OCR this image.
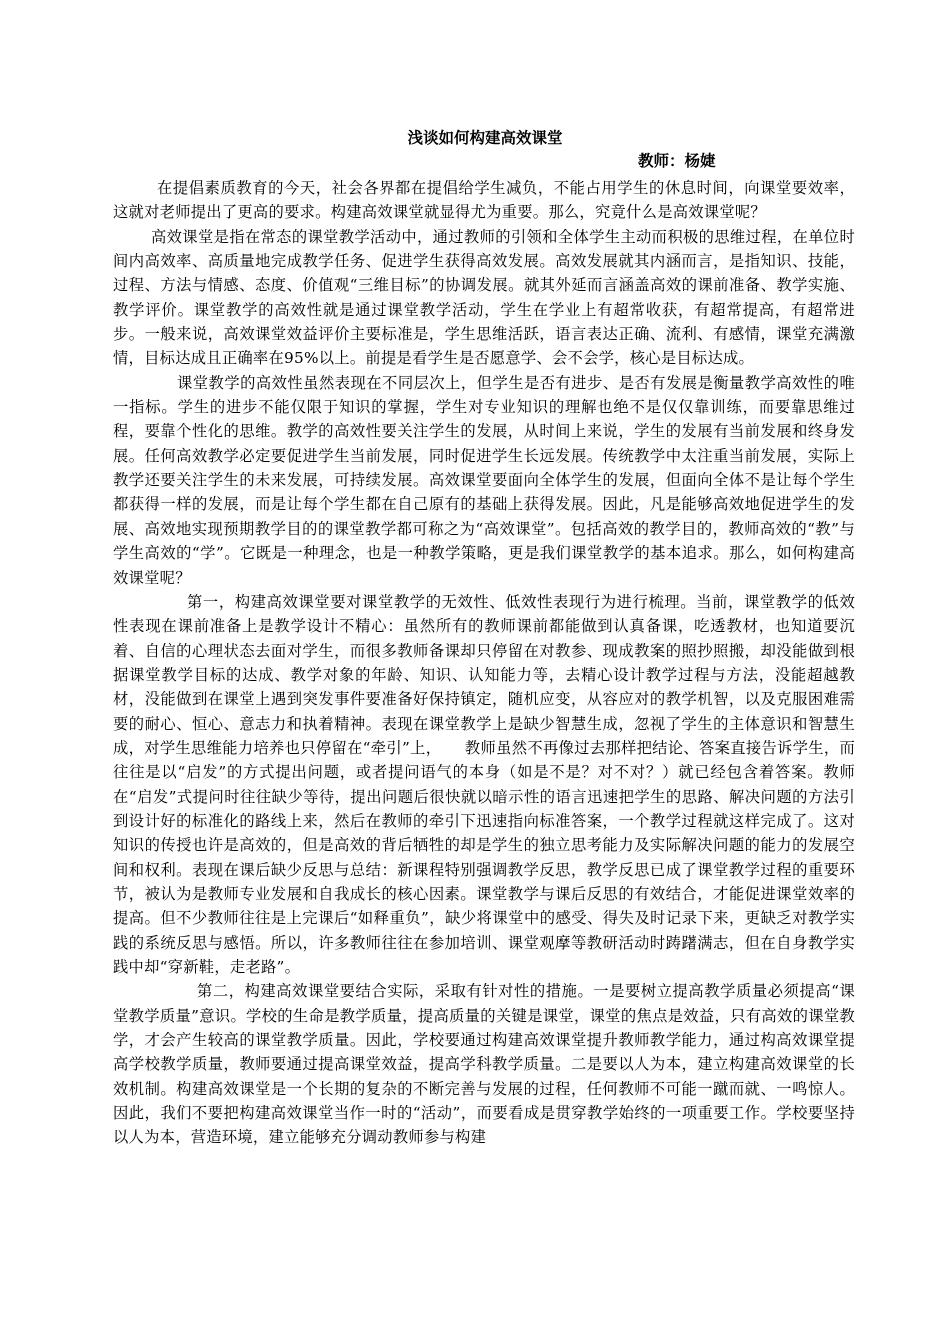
浅谈如何构建高效课堂
教师：杨婕

在提倡素质教育的今天，社会各界都在提倡给学生减负，不能占用学生的休息时间，向课堂要效率，这就对老师提出了更高的要求。构建高效课堂就显得尤为重要。那么，究竟什么是高效课堂呢？

高效课堂是指在常态的课堂教学活动中，通过教师的引领和全体学生主动而积极的思维过程，在单位时间内高效率、高质量地完成教学任务、促进学生获得高效发展。高效发展就其内涵而言，是指知识、技能，过程、方法与情感、态度、价值观“三维目标”的协调发展。就其外延而言涵盖高效的课前准备、教学实施、教学评价。课堂教学的高效性就是通过课堂教学活动，学生在学业上有超常收获，有超常提高，有超常进步。一般来说，高效课堂效益评价主要标准是，学生思维活跃，语言表达正确、流利、有感情，课堂充满激情，目标达成且正确率在95%以上。前提是看学生是否愿意学、会不会学，核心是目标达成。

课堂教学的高效性虽然表现在不同层次上，但学生是否有进步、是否有发展是衡量教学高效性的唯一指标。学生的进步不能仅限于知识的掌握，学生对专业知识的理解也绝不是仅仅靠训练，而要靠思维过程，要靠个性化的思维。教学的高效性要关注学生的发展，从时间上来说，学生的发展有当前发展和终身发展。任何高效教学必定要促进学生当前发展，同时促进学生长远发展。传统教学中太注重当前发展，实际上教学还要关注学生的未来发展，可持续发展。高效课堂要面向全体学生的发展，但面向全体不是让每个学生都获得一样的发展，而是让每个学生都在自己原有的基础上获得发展。因此，凡是能够高效地促进学生的发展、高效地实现预期教学目的的课堂教学都可称之为“高效课堂”。包括高效的教学目的，教师高效的“教”与学生高效的“学”。它既是一种理念，也是一种教学策略，更是我们课堂教学的基本追求。那么，如何构建高效课堂呢？

第一，构建高效课堂要对课堂教学的无效性、低效性表现行为进行梳理。当前，课堂教学的低效性表现在课前准备上是教学设计不精心：虽然所有的教师课前都能做到认真备课，吃透教材，也知道要沉着、自信的心理状态去面对学生，而很多教师备课却只停留在对教参、现成教案的照抄照搬，却没能做到根据课堂教学目标的达成、教学对象的年龄、知识、认知能力等，去精心设计教学过程与方法，没能超越教材，没能做到在课堂上遇到突发事件要准备好保持镇定，随机应变，从容应对的教学机智，以及克服困难需要的耐心、恒心、意志力和执着精神。表现在课堂教学上是缺少智慧生成，忽视了学生的主体意识和智慧生成，对学生思维能力培养也只停留在“牵引”上，　　教师虽然不再像过去那样把结论、答案直接告诉学生，而往往是以“启发”的方式提出问题，或者提问语气的本身（如是不是？对不对？）就已经包含着答案。教师在“启发”式提问时往往缺少等待，提出问题后很快就以暗示性的语言迅速把学生的思路、解决问题的方法引到设计好的标准化的路线上来，然后在教师的牵引下迅速指向标准答案，一个教学过程就这样完成了。这对知识的传授也许是高效的，但是高效的背后牺牲的却是学生的独立思考能力及实际解决问题的能力的发展空间和权利。表现在课后缺少反思与总结：新课程特别强调教学反思，教学反思已成了课堂教学过程的重要环节，被认为是教师专业发展和自我成长的核心因素。课堂教学与课后反思的有效结合，才能促进课堂效率的提高。但不少教师往往是上完课后“如释重负”，缺少将课堂中的感受、得失及时记录下来，更缺乏对教学实践的系统反思与感悟。所以，许多教师往往在参加培训、课堂观摩等教研活动时踌躇满志，但在自身教学实践中却“穿新鞋，走老路”。

第二，构建高效课堂要结合实际，采取有针对性的措施。一是要树立提高教学质量必须提高“课堂教学质量”意识。学校的生命是教学质量，提高质量的关键是课堂，课堂的焦点是效益，只有高效的课堂教学，才会产生较高的课堂教学质量。因此，学校要通过构建高效课堂提升教师教学能力，通过构高效课堂提高学校教学质量，教师要通过提高课堂效益，提高学科教学质量。二是要以人为本，建立构建高效课堂的长效机制。构建高效课堂是一个长期的复杂的不断完善与发展的过程，任何教师不可能一蹴而就、一鸣惊人。因此，我们不要把构建高效课堂当作一时的“活动”，而要看成是贯穿教学始终的一项重要工作。学校要坚持以人为本，营造环境，建立能够充分调动教师参与构建
